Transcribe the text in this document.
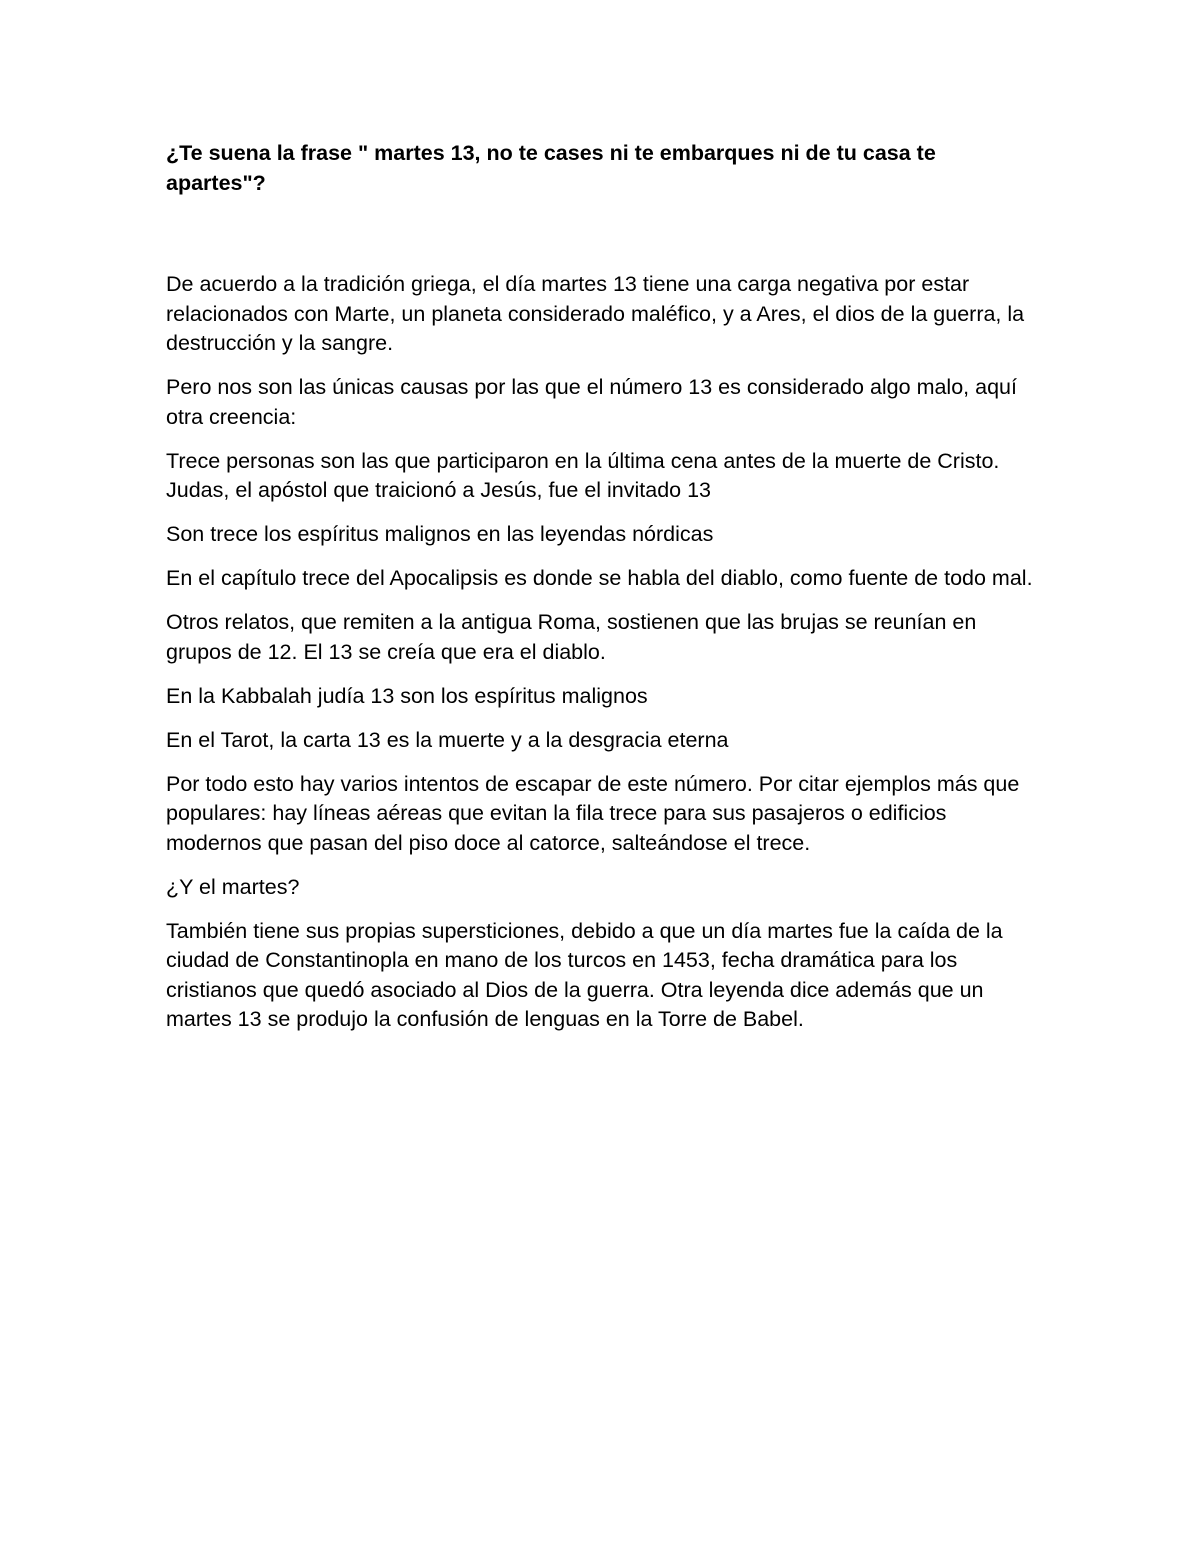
¿Te suena la frase " martes 13, no te cases ni te embarques ni de tu casa te apartes"?

De acuerdo a la tradición griega, el día martes 13 tiene una carga negativa por estar relacionados con Marte, un planeta considerado maléfico, y a Ares, el dios de la guerra, la destrucción y la sangre.

Pero nos son las únicas causas por las que el número 13 es considerado algo malo, aquí otra creencia:

Trece personas son las que participaron en la última cena antes de la muerte de Cristo. Judas, el apóstol que traicionó a Jesús, fue el invitado 13

Son trece los espíritus malignos en las leyendas nórdicas

En el capítulo trece del Apocalipsis es donde se habla del diablo, como fuente de todo mal.

Otros relatos, que remiten a la antigua Roma, sostienen que las brujas se reunían en grupos de 12. El 13 se creía que era el diablo.

En la Kabbalah judía 13 son los espíritus malignos

En el Tarot, la carta 13 es la muerte y a la desgracia eterna

Por todo esto hay varios intentos de escapar de este número. Por citar ejemplos más que populares: hay líneas aéreas que evitan la fila trece para sus pasajeros o edificios modernos que pasan del piso doce al catorce, salteándose el trece.

¿Y el martes?

También tiene sus propias supersticiones, debido a que un día martes fue la caída de la ciudad de Constantinopla en mano de los turcos en 1453, fecha dramática para los cristianos que quedó asociado al Dios de la guerra. Otra leyenda dice además que un martes 13 se produjo la confusión de lenguas en la Torre de Babel.
